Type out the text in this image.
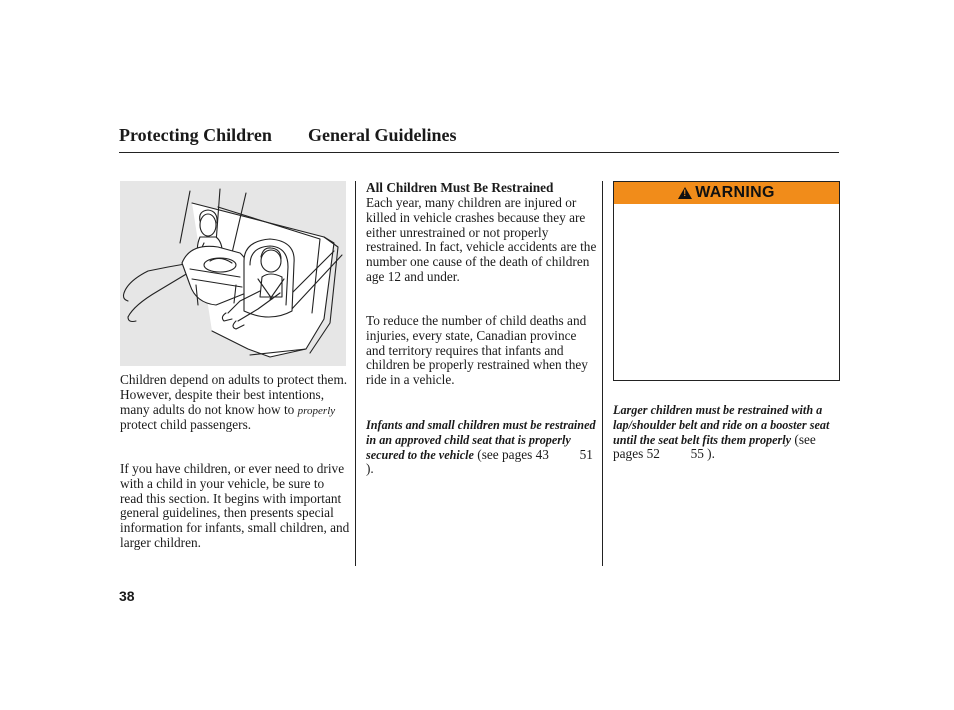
Protecting Children General Guidelines
Children depend on adults to protect them. However, despite their best intentions, many adults do not know how to properly protect child passengers.
If you have children, or ever need to drive with a child in your vehicle, be sure to read this section. It begins with important general guidelines, then presents special information for infants, small children, and larger children.
All Children Must Be Restrained
Each year, many children are injured or killed in vehicle crashes because they are either unrestrained or not properly restrained. In fact, vehicle accidents are the number one cause of the death of children age 12 and under.
To reduce the number of child deaths and injuries, every state, Canadian province and territory requires that infants and children be properly restrained when they ride in a vehicle.
Infants and small children must be restrained in an approved child seat that is properly secured to the vehicle (see pages 43 51 ).
!
WARNING
Larger children must be restrained with a lap/shoulder belt and ride on a booster seat until the seat belt fits them properly (see pages 52 55 ).
38
